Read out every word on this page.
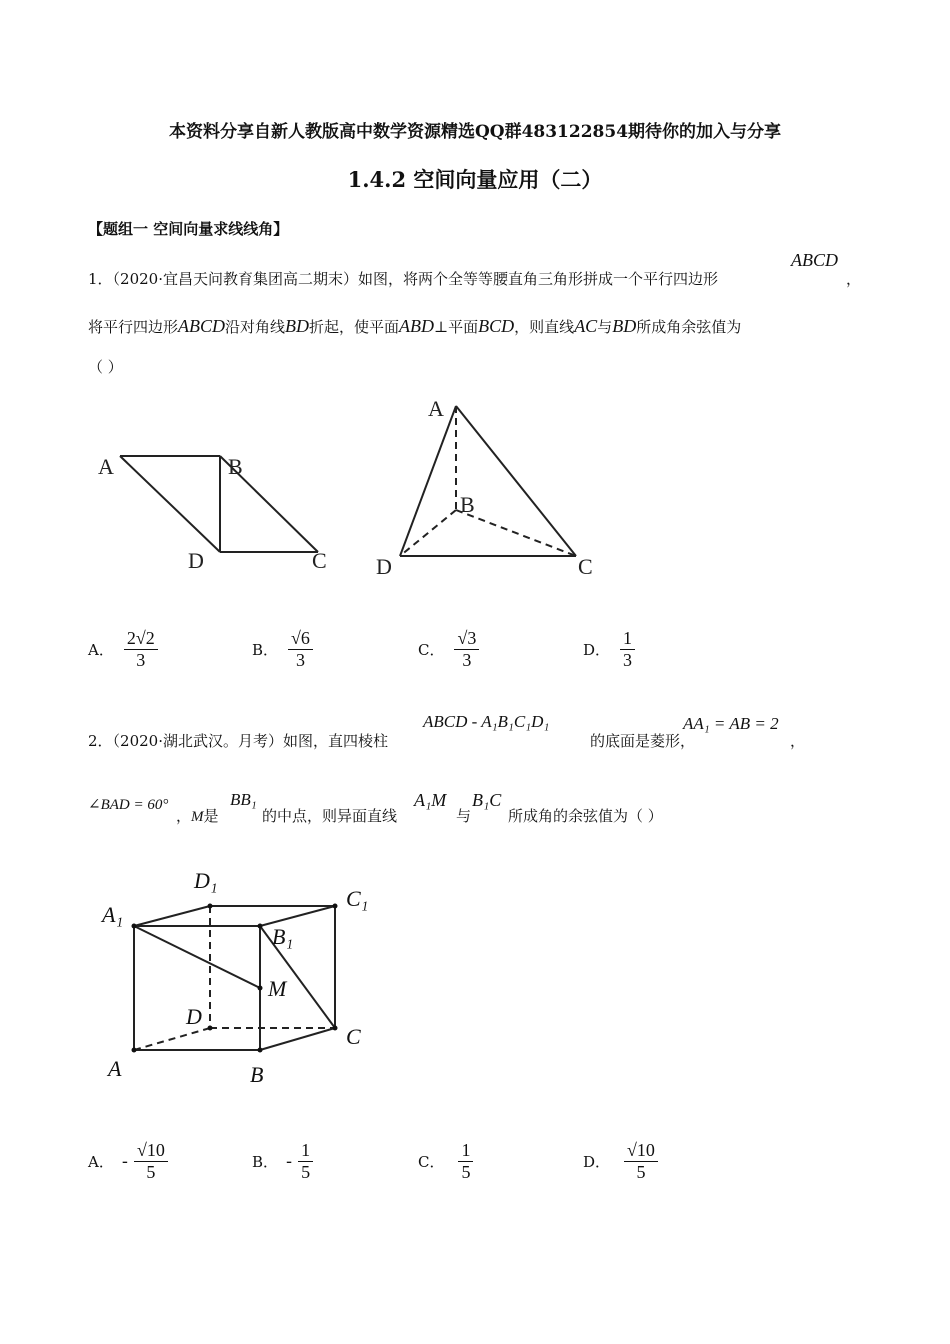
本资料分享自新人教版高中数学资源精选QQ群483122854期待你的加入与分享
1.4.2 空间向量应用（二）
【题组一 空间向量求线线角】
1．（2020·宜昌天问教育集团高二期末）如图，将两个全等等腰直角三角形拼成一个平行四边形
ABCD
，
将平行四边形ABCD沿对角线BD折起，使平面ABD⊥平面BCD，则直线AC与BD所成角余弦值为
（ ）
A	B
D	C
A
B
D	C
A． $\frac{2√2}{3}$	B． $\frac{√6}{3}$	C． $\frac{√3}{3}$	D． $\frac{1}{3}$
2．（2020·湖北武汉。月考）如图，直四棱柱
ABCD - A₁B₁C₁D₁
的底面是菱形，
AA₁ = AB = 2
，
∠BAD = 60°
，M是
BB₁
的中点，则异面直线
A₁M
与
B₁C
所成角的余弦值为（ ）
A₁
D₁
C₁
B₁
M
D
C
A	B
A． - $\frac{√10}{5}$	B． - $\frac{1}{5}$	C． $\frac{1}{5}$	D． $\frac{√10}{5}$
